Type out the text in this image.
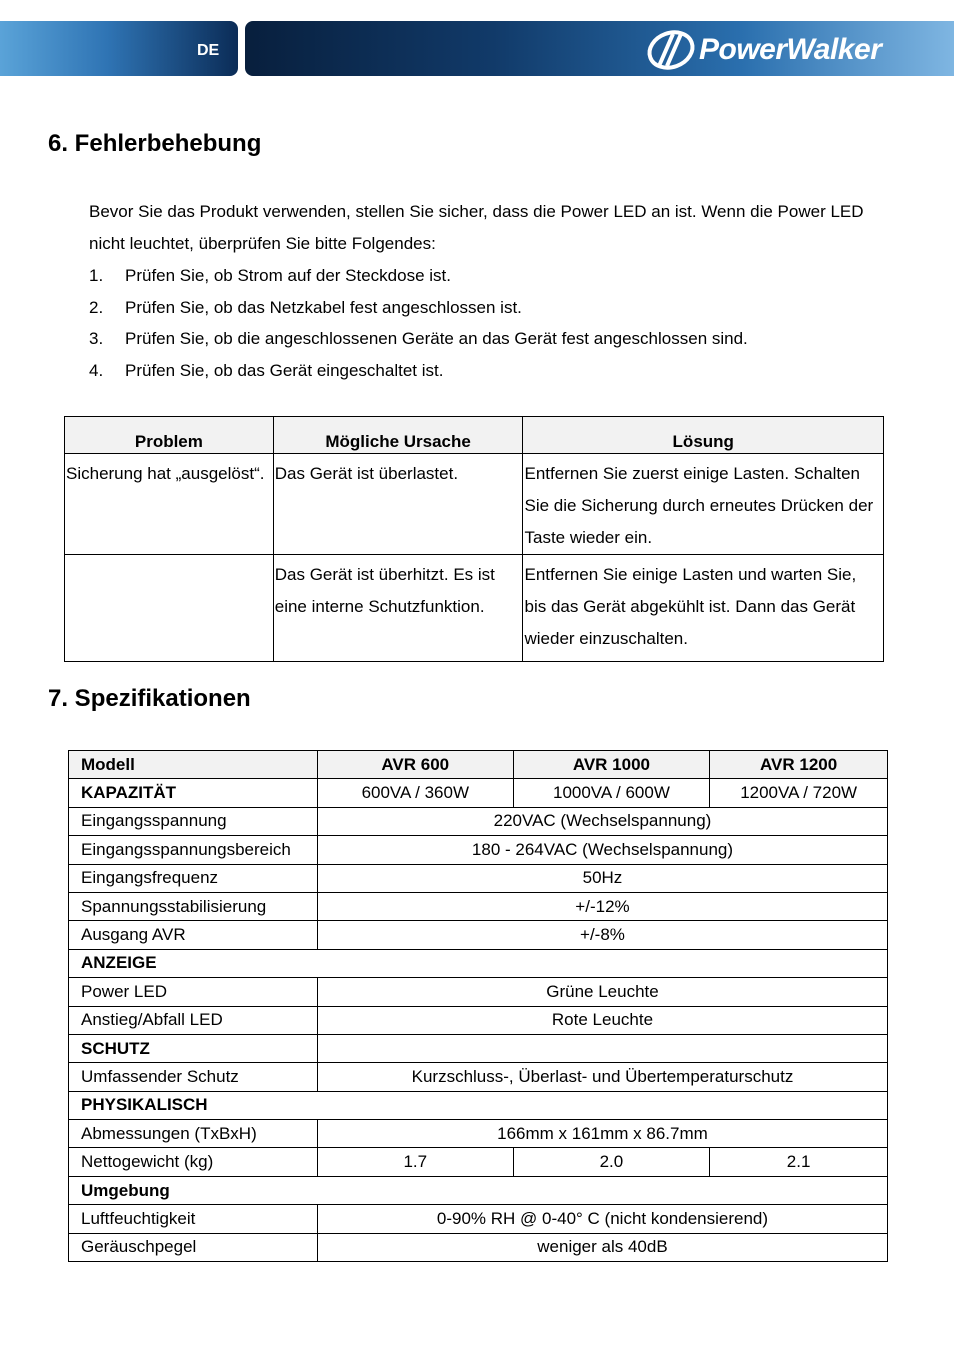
DE	PowerWalker
6. Fehlerbehebung

Bevor Sie das Produkt verwenden, stellen Sie sicher, dass die Power LED an ist. Wenn die Power LED nicht leuchtet, überprüfen Sie bitte Folgendes:

1. Prüfen Sie, ob Strom auf der Steckdose ist.
2. Prüfen Sie, ob das Netzkabel fest angeschlossen ist.
3. Prüfen Sie, ob die angeschlossenen Geräte an das Gerät fest angeschlossen sind.
4. Prüfen Sie, ob das Gerät eingeschaltet ist.
Problem	Mögliche Ursache	Lösung
Sicherung hat „ausgelöst“.	Das Gerät ist überlastet.	Entfernen Sie zuerst einige Lasten. Schalten Sie die Sicherung durch erneutes Drücken der Taste wieder ein.
	Das Gerät ist überhitzt. Es ist eine interne Schutzfunktion.	Entfernen Sie einige Lasten und warten Sie, bis das Gerät abgekühlt ist. Dann das Gerät wieder einzuschalten.
7. Spezifikationen
Modell	AVR 600	AVR 1000	AVR 1200
KAPAZITÄT	600VA / 360W	1000VA / 600W	1200VA / 720W
Eingangsspannung	220VAC (Wechselspannung)		
Eingangsspannungsbereich	180 - 264VAC (Wechselspannung)		
Eingangsfrequenz	50Hz		
Spannungsstabilisierung	+/-12%		
Ausgang AVR	+/-8%		
ANZEIGE			
Power LED	Grüne Leuchte		
Anstieg/Abfall LED	Rote Leuchte		
SCHUTZ			
Umfassender Schutz	Kurzschluss-, Überlast- und Übertemperaturschutz		
PHYSIKALISCH			
Abmessungen (TxBxH)	166mm x 161mm x 86.7mm		
Nettogewicht (kg)	1.7	2.0	2.1
Umgebung			
Luftfeuchtigkeit	0-90% RH @ 0-40° C (nicht kondensierend)		
Geräuschpegel	weniger als 40dB		
